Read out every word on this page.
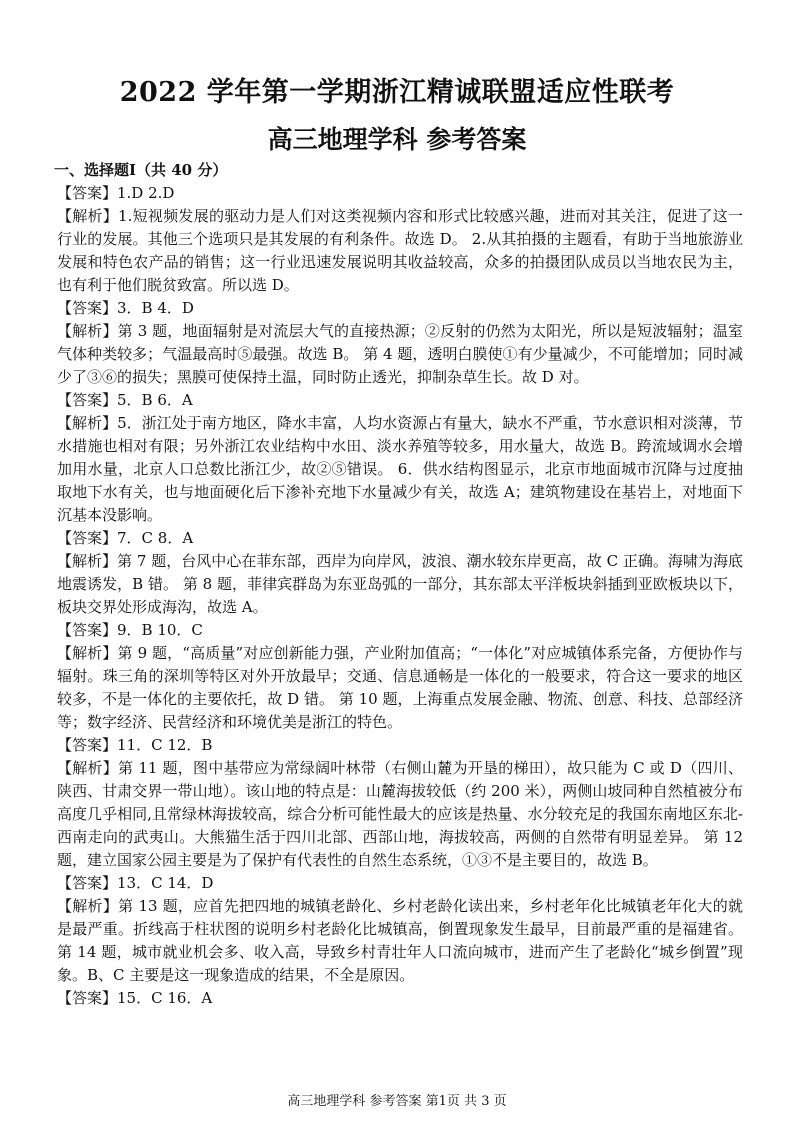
2022 学年第一学期浙江精诚联盟适应性联考
高三地理学科 参考答案
一、选择题Ⅰ（共 40 分）

【答案】1.D 2.D

【解析】1.短视频发展的驱动力是人们对这类视频内容和形式比较感兴趣，进而对其关注，促进了这一行业的发展。其他三个选项只是其发展的有利条件。故选 D。 2.从其拍摄的主题看，有助于当地旅游业发展和特色农产品的销售；这一行业迅速发展说明其收益较高，众多的拍摄团队成员以当地农民为主，也有利于他们脱贫致富。所以选 D。

【答案】3．B 4．D

【解析】第 3 题，地面辐射是对流层大气的直接热源；②反射的仍然为太阳光，所以是短波辐射；温室气体种类较多；气温最高时⑤最强。故选 B。 第 4 题，透明白膜使①有少量减少，不可能增加；同时减少了③⑥的损失；黑膜可使保持土温，同时防止透光，抑制杂草生长。故 D 对。

【答案】5．B 6．A

【解析】5．浙江处于南方地区，降水丰富，人均水资源占有量大，缺水不严重，节水意识相对淡薄，节水措施也相对有限；另外浙江农业结构中水田、淡水养殖等较多，用水量大，故选 B。跨流域调水会增加用水量，北京人口总数比浙江少，故②⑤错误。 6．供水结构图显示，北京市地面城市沉降与过度抽取地下水有关，也与地面硬化后下渗补充地下水量减少有关，故选 A；建筑物建设在基岩上，对地面下沉基本没影响。

【答案】7．C 8．A

【解析】第 7 题，台风中心在菲东部，西岸为向岸风，波浪、潮水较东岸更高，故 C 正确。海啸为海底地震诱发，B 错。 第 8 题，菲律宾群岛为东亚岛弧的一部分，其东部太平洋板块斜插到亚欧板块以下，板块交界处形成海沟，故选 A。

【答案】9．B 10．C

【解析】第 9 题，“高质量”对应创新能力强，产业附加值高；“一体化”对应城镇体系完备，方便协作与辐射。珠三角的深圳等特区对外开放最早；交通、信息通畅是一体化的一般要求，符合这一要求的地区较多，不是一体化的主要依托，故 D 错。 第 10 题，上海重点发展金融、物流、创意、科技、总部经济等；数字经济、民营经济和环境优美是浙江的特色。

【答案】11．C 12．B

【解析】第 11 题，图中基带应为常绿阔叶林带（右侧山麓为开垦的梯田），故只能为 C 或 D（四川、陕西、甘肃交界一带山地）。该山地的特点是：山麓海拔较低（约 200 米），两侧山坡同种自然植被分布高度几乎相同,且常绿林海拔较高，综合分析可能性最大的应该是热量、水分较充足的我国东南地区东北-西南走向的武夷山。大熊猫生活于四川北部、西部山地，海拔较高，两侧的自然带有明显差异。 第 12 题，建立国家公园主要是为了保护有代表性的自然生态系统，①③不是主要目的，故选 B。

【答案】13．C 14．D

【解析】第 13 题，应首先把四地的城镇老龄化、乡村老龄化读出来，乡村老年化比城镇老年化大的就是最严重。折线高于柱状图的说明乡村老龄化比城镇高，倒置现象发生最早，目前最严重的是福建省。第 14 题，城市就业机会多、收入高，导致乡村青壮年人口流向城市，进而产生了老龄化“城乡倒置”现象。B、C 主要是这一现象造成的结果，不全是原因。

【答案】15．C 16．A

高三地理学科 参考答案 第1页 共 3 页
